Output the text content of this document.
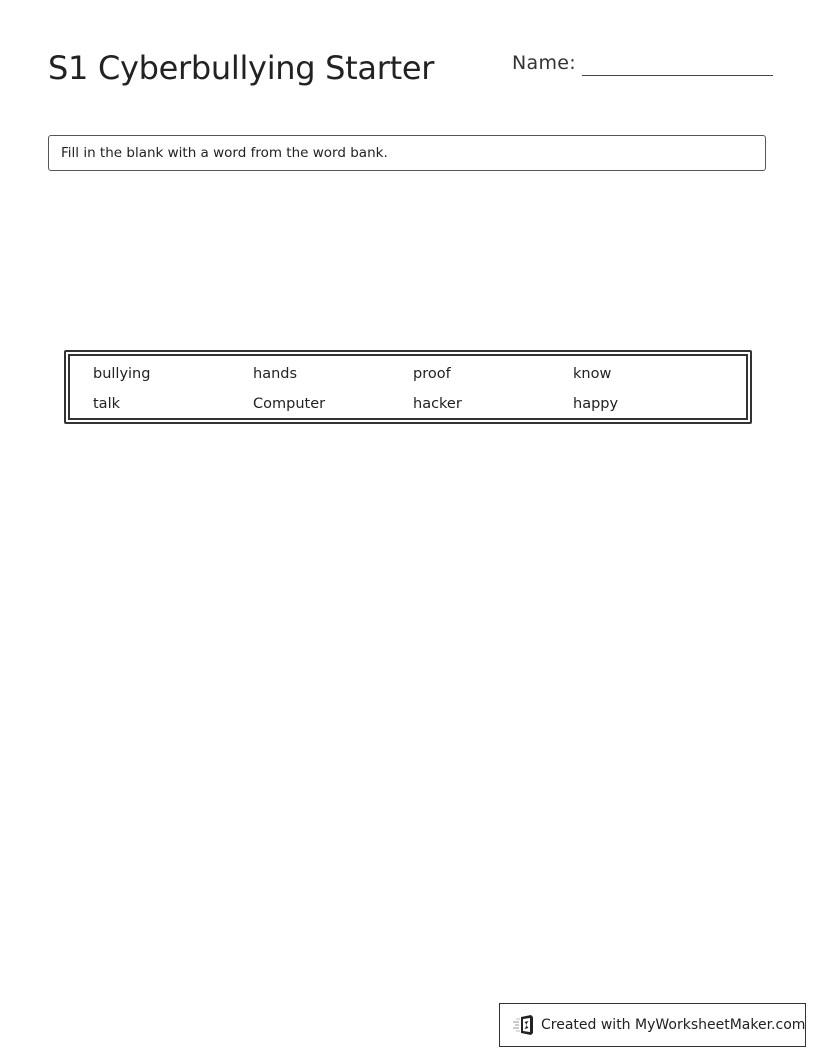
S1 Cyberbullying Starter	Name:
Fill in the blank with a word from the word bank.
bullying	hands	proof	know
talk	Computer	hacker	happy
Created with MyWorksheetMaker.com
